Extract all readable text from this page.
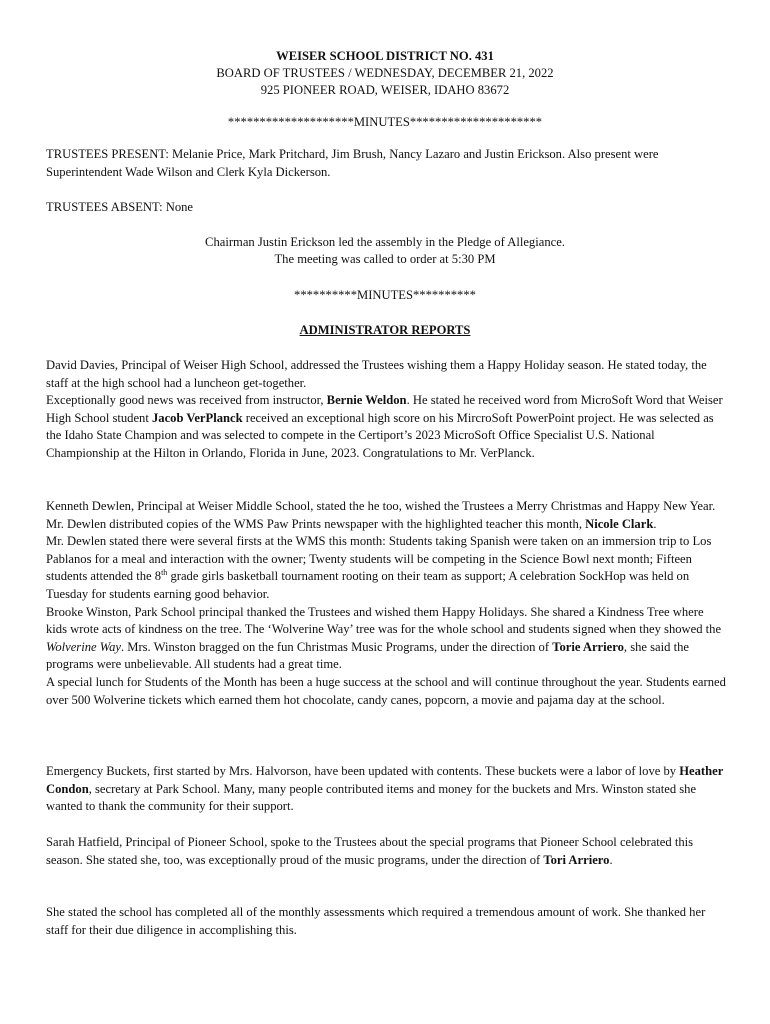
WEISER SCHOOL DISTRICT NO. 431
BOARD OF TRUSTEES / WEDNESDAY, DECEMBER 21, 2022
925 PIONEER ROAD, WEISER, IDAHO 83672
********************MINUTES*********************

TRUSTEES PRESENT: Melanie Price, Mark Pritchard, Jim Brush, Nancy Lazaro and Justin Erickson. Also present were Superintendent Wade Wilson and Clerk Kyla Dickerson.

TRUSTEES ABSENT: None

Chairman Justin Erickson led the assembly in the Pledge of Allegiance.
The meeting was called to order at 5:30 PM
**********MINUTES**********
ADMINISTRATOR REPORTS

David Davies, Principal of Weiser High School, addressed the Trustees wishing them a Happy Holiday season. He stated today, the staff at the high school had a luncheon get-together.

Exceptionally good news was received from instructor, Bernie Weldon. He stated he received word from MicroSoft Word that Weiser High School student Jacob VerPlanck received an exceptional high score on his MircroSoft PowerPoint project. He was selected as the Idaho State Champion and was selected to compete in the Certiport’s 2023 MicroSoft Office Specialist U.S. National Championship at the Hilton in Orlando, Florida in June, 2023. Congratulations to Mr. VerPlanck.

Kenneth Dewlen, Principal at Weiser Middle School, stated the he too, wished the Trustees a Merry Christmas and Happy New Year. Mr. Dewlen distributed copies of the WMS Paw Prints newspaper with the highlighted teacher this month, Nicole Clark.

Mr. Dewlen stated there were several firsts at the WMS this month: Students taking Spanish were taken on an immersion trip to Los Pablanos for a meal and interaction with the owner; Twenty students will be competing in the Science Bowl next month; Fifteen students attended the 8th grade girls basketball tournament rooting on their team as support; A celebration SockHop was held on Tuesday for students earning good behavior.

Brooke Winston, Park School principal thanked the Trustees and wished them Happy Holidays. She shared a Kindness Tree where kids wrote acts of kindness on the tree. The ‘Wolverine Way’ tree was for the whole school and students signed when they showed the Wolverine Way. Mrs. Winston bragged on the fun Christmas Music Programs, under the direction of Torie Arriero, she said the programs were unbelievable. All students had a great time.

A special lunch for Students of the Month has been a huge success at the school and will continue throughout the year. Students earned over 500 Wolverine tickets which earned them hot chocolate, candy canes, popcorn, a movie and pajama day at the school.

Emergency Buckets, first started by Mrs. Halvorson, have been updated with contents. These buckets were a labor of love by Heather Condon, secretary at Park School. Many, many people contributed items and money for the buckets and Mrs. Winston stated she wanted to thank the community for their support.

Sarah Hatfield, Principal of Pioneer School, spoke to the Trustees about the special programs that Pioneer School celebrated this season. She stated she, too, was exceptionally proud of the music programs, under the direction of Tori Arriero.

She stated the school has completed all of the monthly assessments which required a tremendous amount of work. She thanked her staff for their due diligence in accomplishing this.
